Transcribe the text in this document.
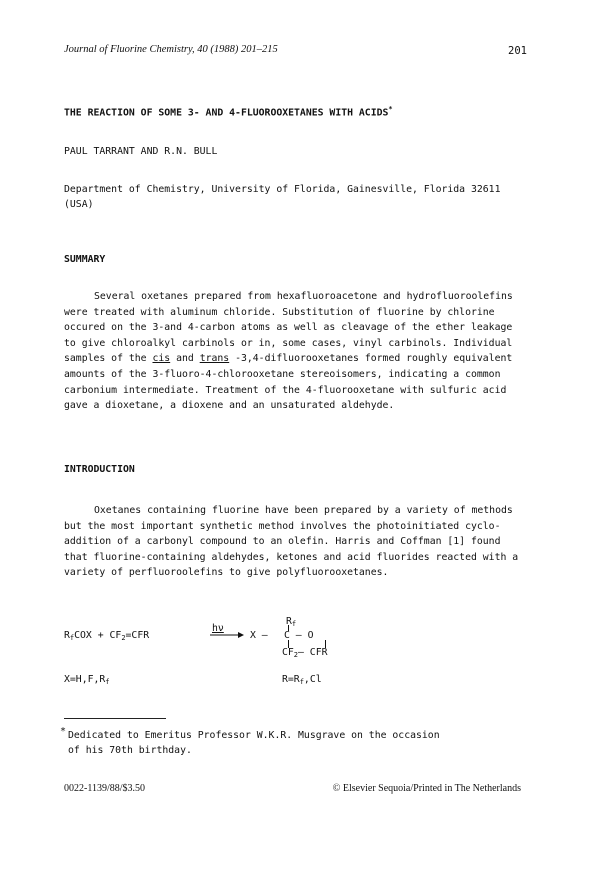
Journal of Fluorine Chemistry, 40 (1988) 201–215	201
THE REACTION OF SOME 3- AND 4-FLUOROOXETANES WITH ACIDS*
PAUL TARRANT AND R.N. BULL
Department of Chemistry, University of Florida, Gainesville, Florida 32611
(USA)
SUMMARY
Several oxetanes prepared from hexafluoroacetone and hydrofluoroolefins
were treated with aluminum chloride. Substitution of fluorine by chlorine
occured on the 3-and 4-carbon atoms as well as cleavage of the ether leakage
to give chloroalkyl carbinols or in, some cases, vinyl carbinols. Individual
samples of the cis and trans -3,4-difluorooxetanes formed roughly equivalent
amounts of the 3-fluoro-4-chlorooxetane stereoisomers, indicating a common
carbonium intermediate. Treatment of the 4-fluorooxetane with sulfuric acid
gave a dioxetane, a dioxene and an unsaturated aldehyde.
INTRODUCTION
Oxetanes containing fluorine have been prepared by a variety of methods
but the most important synthetic method involves the photoinitiated cyclo-
addition of a carbonyl compound to an olefin. Harris and Coffman [1] found
that fluorine-containing aldehydes, ketones and acid fluorides reacted with a
variety of perfluoroolefins to give polyfluorooxetanes.
$R_fCOX + CF_2=CFR$
hν
→ X –
$R_f$
C — O
$CF_2—$ CFR
$X=H,F,R_f$	$R=R_f,Cl$
* Dedicated to Emeritus Professor W.K.R. Musgrave on the occasion
of his 70th birthday.
0022-1139/88/$3.50	© Elsevier Sequoia/Printed in The Netherlands
